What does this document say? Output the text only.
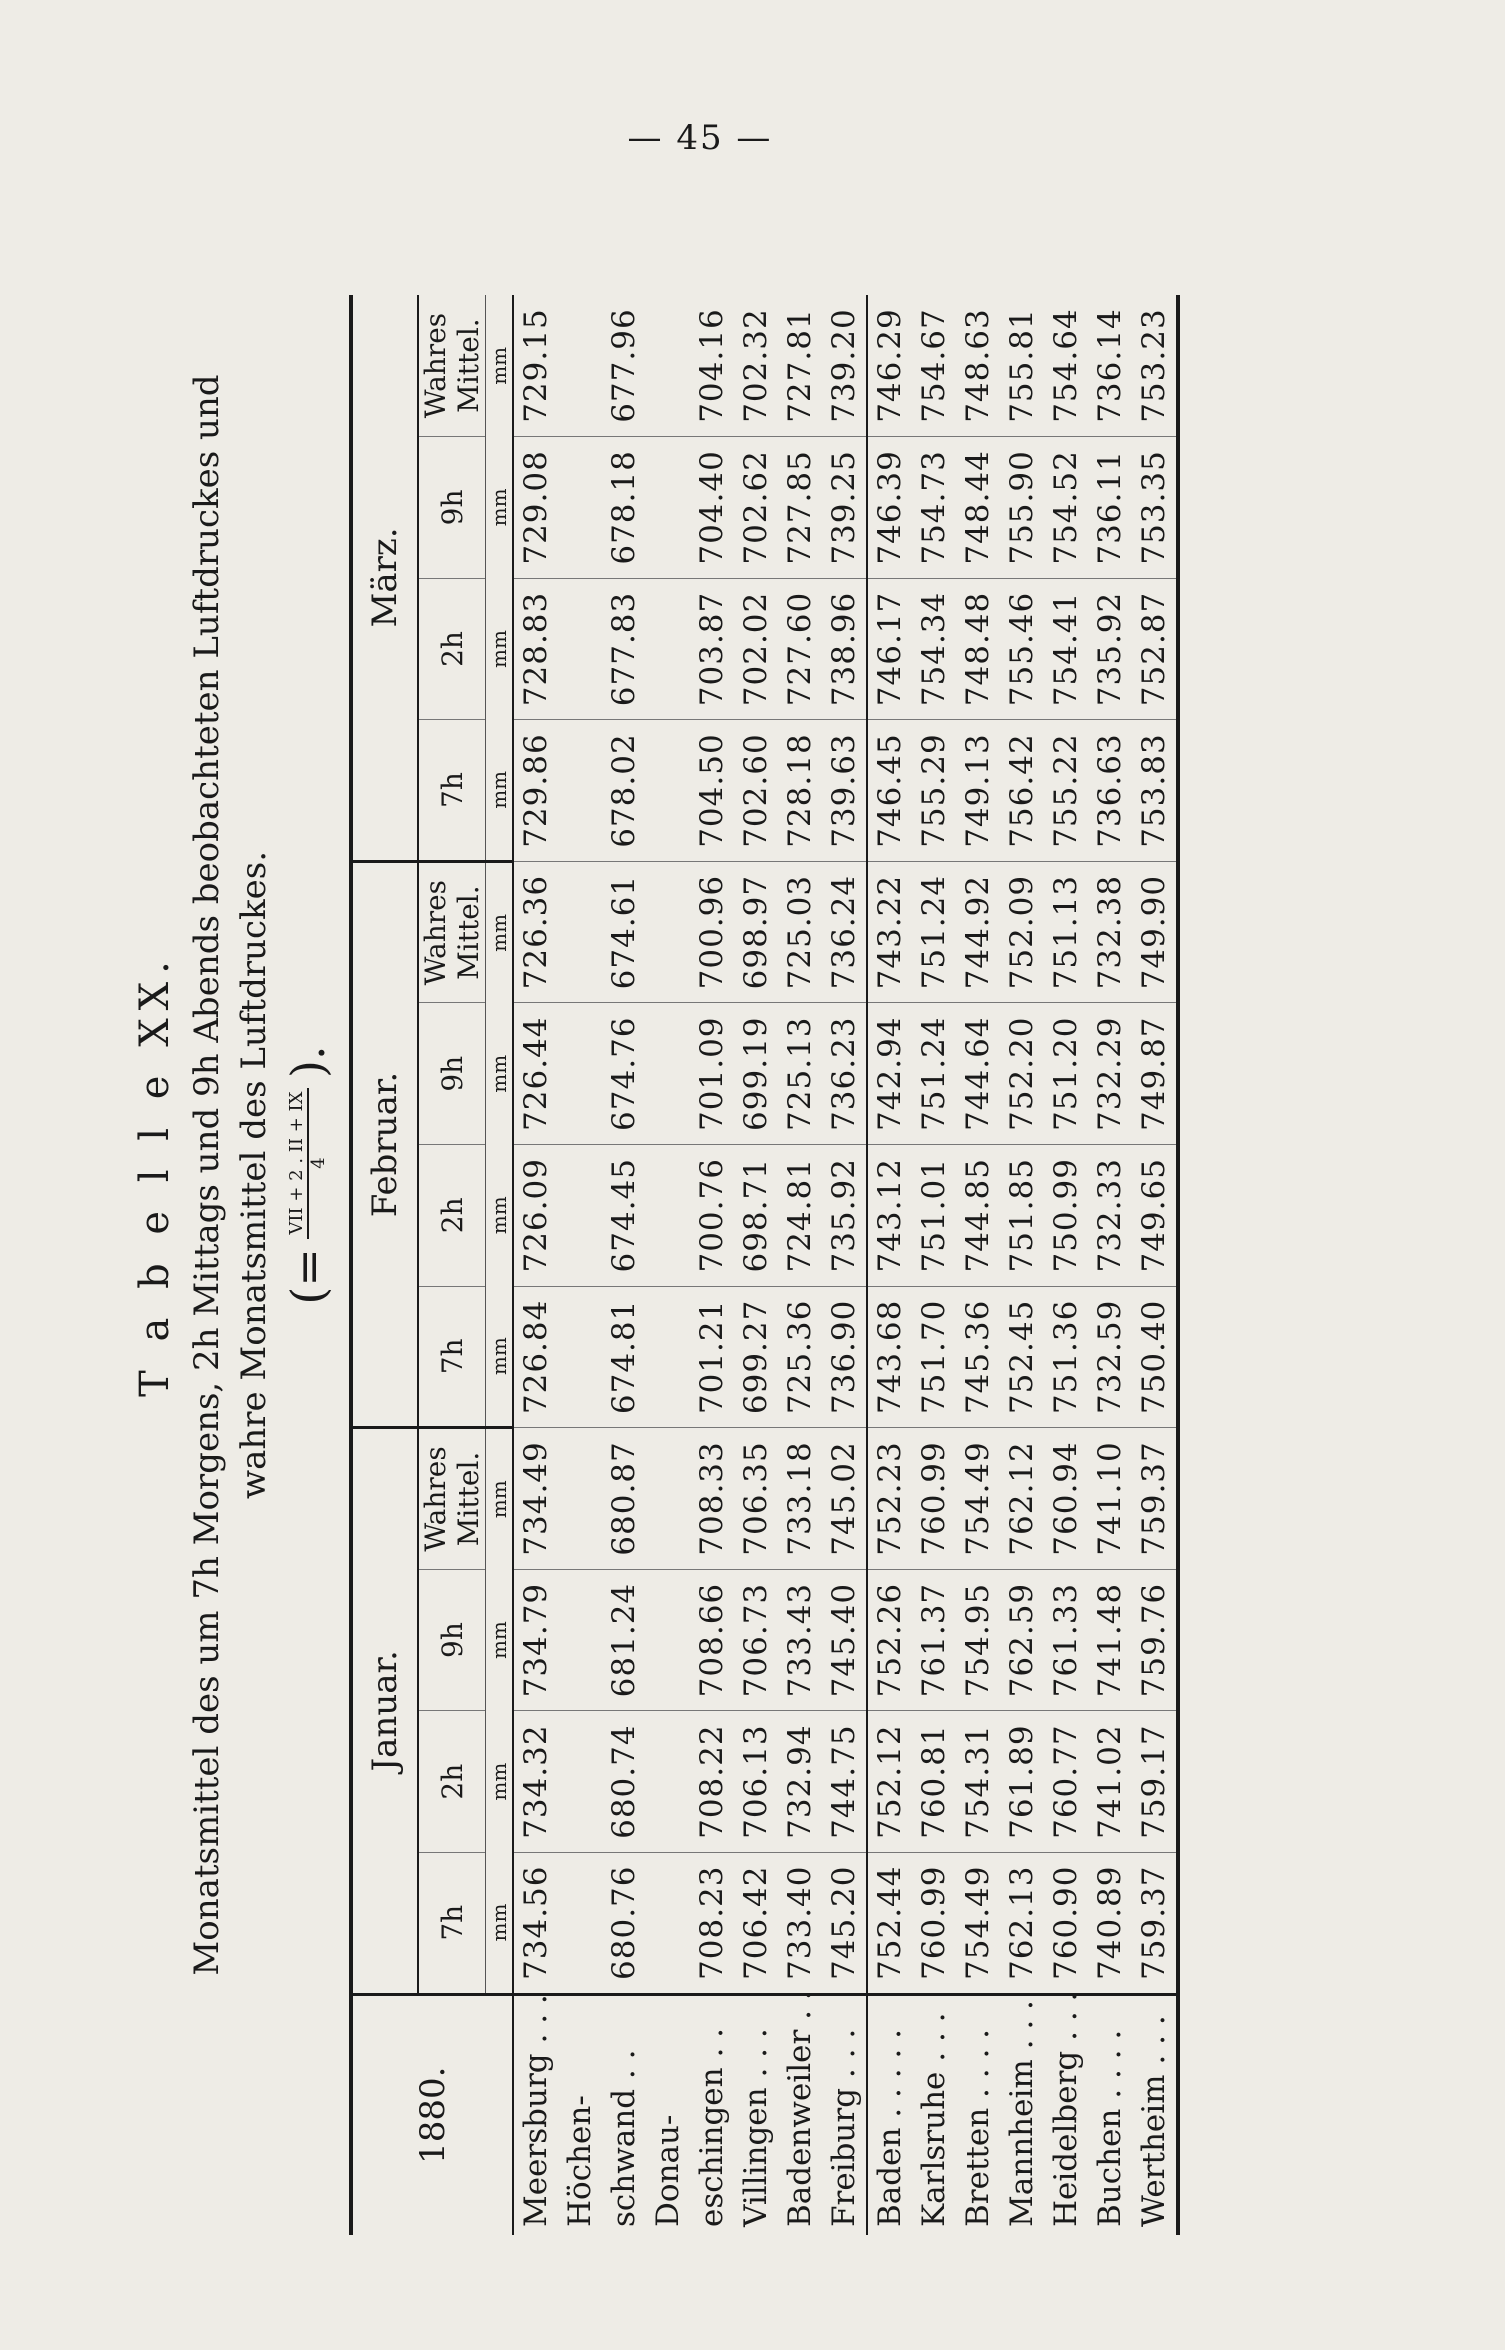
— 45 —
T a b e l l e XX. Monatsmittel des um 7h Morgens, 2h Mittags und 9h Abends beobachteten Luftdruckes und wahre Monatsmittel des Luftdruckes. (=
VII + 2 . II + IX 4
).
1880.	Januar.				Februar.				März.			
	7h	2h	9h	Wahres Mittel.	7h	2h	9h	Wahres Mittel.	7h	2h	9h	Wahres Mittel.
	mm	mm	mm	mm	mm	mm	mm	mm	mm	mm	mm	mm
Meersburg . . .	734.56	734.32	734.79	734.49	726.84	726.09	726.44	726.36	729.86	728.83	729.08	729.15
Höchen-												
schwand . .	680.76	680.74	681.24	680.87	674.81	674.45	674.76	674.61	678.02	677.83	678.18	677.96
Donau-												
eschingen . .	708.23	708.22	708.66	708.33	701.21	700.76	701.09	700.96	704.50	703.87	704.40	704.16
Villingen . . .	706.42	706.13	706.73	706.35	699.27	698.71	699.19	698.97	702.60	702.02	702.62	702.32
Badenweiler . .	733.40	732.94	733.43	733.18	725.36	724.81	725.13	725.03	728.18	727.60	727.85	727.81
Freiburg . . .	745.20	744.75	745.40	745.02	736.90	735.92	736.23	736.24	739.63	738.96	739.25	739.20
Baden . . . . .	752.44	752.12	752.26	752.23	743.68	743.12	742.94	743.22	746.45	746.17	746.39	746.29
Karlsruhe . . .	760.99	760.81	761.37	760.99	751.70	751.01	751.24	751.24	755.29	754.34	754.73	754.67
Bretten . . . .	754.49	754.31	754.95	754.49	745.36	744.85	744.64	744.92	749.13	748.48	748.44	748.63
Mannheim . . .	762.13	761.89	762.59	762.12	752.45	751.85	752.20	752.09	756.42	755.46	755.90	755.81
Heidelberg . . .	760.90	760.77	761.33	760.94	751.36	750.99	751.20	751.13	755.22	754.41	754.52	754.64
Buchen . . . .	740.89	741.02	741.48	741.10	732.59	732.33	732.29	732.38	736.63	735.92	736.11	736.14
Wertheim . . .	759.37	759.17	759.76	759.37	750.40	749.65	749.87	749.90	753.83	752.87	753.35	753.23
